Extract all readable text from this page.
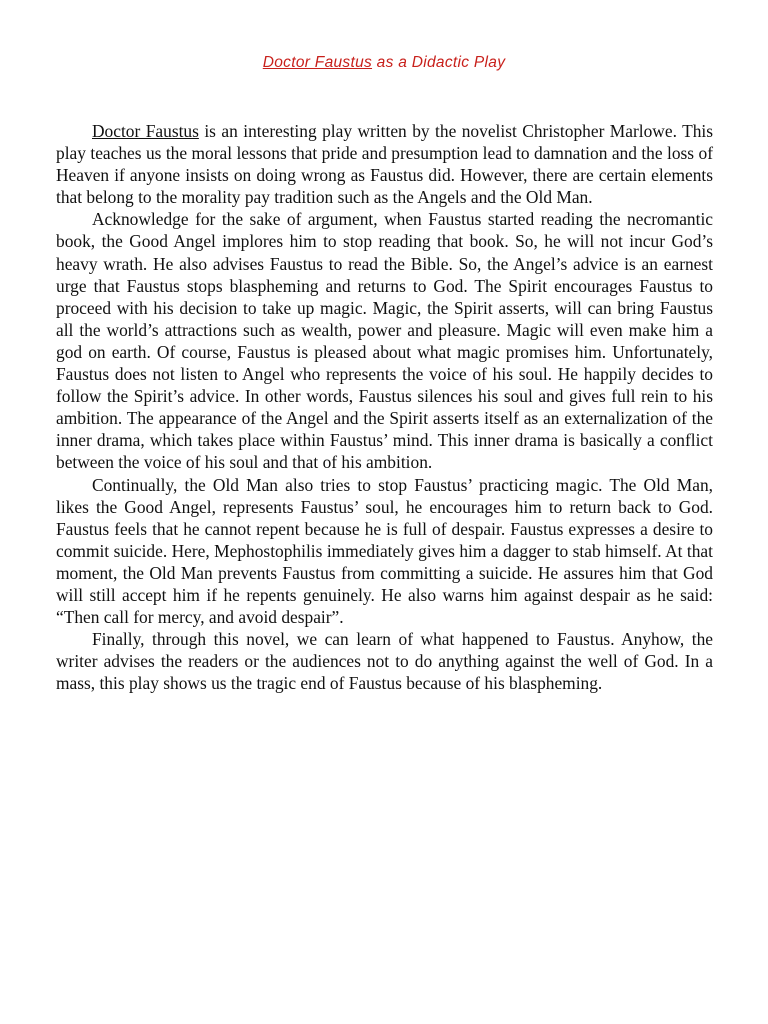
Doctor Faustus as a Didactic Play

Doctor Faustus is an interesting play written by the novelist Christopher Marlowe. This play teaches us the moral lessons that pride and presumption lead to damnation and the loss of Heaven if anyone insists on doing wrong as Faustus did. However, there are certain elements that belong to the morality pay tradition such as the Angels and the Old Man.

Acknowledge for the sake of argument, when Faustus started reading the necromantic book, the Good Angel implores him to stop reading that book. So, he will not incur God’s heavy wrath. He also advises Faustus to read the Bible. So, the Angel’s advice is an earnest urge that Faustus stops blaspheming and returns to God. The Spirit encourages Faustus to proceed with his decision to take up magic. Magic, the Spirit asserts, will can bring Faustus all the world’s attractions such as wealth, power and pleasure. Magic will even make him a god on earth. Of course, Faustus is pleased about what magic promises him. Unfortunately, Faustus does not listen to Angel who represents the voice of his soul. He happily decides to follow the Spirit’s advice. In other words, Faustus silences his soul and gives full rein to his ambition. The appearance of the Angel and the Spirit asserts itself as an externalization of the inner drama, which takes place within Faustus’ mind. This inner drama is basically a conflict between the voice of his soul and that of his ambition.

Continually, the Old Man also tries to stop Faustus’ practicing magic. The Old Man, likes the Good Angel, represents Faustus’ soul, he encourages him to return back to God. Faustus feels that he cannot repent because he is full of despair. Faustus expresses a desire to commit suicide. Here, Mephostophilis immediately gives him a dagger to stab himself. At that moment, the Old Man prevents Faustus from committing a suicide. He assures him that God will still accept him if he repents genuinely. He also warns him against despair as he said: “Then call for mercy, and avoid despair”.

Finally, through this novel, we can learn of what happened to Faustus. Anyhow, the writer advises the readers or the audiences not to do anything against the well of God. In a mass, this play shows us the tragic end of Faustus because of his blaspheming.
